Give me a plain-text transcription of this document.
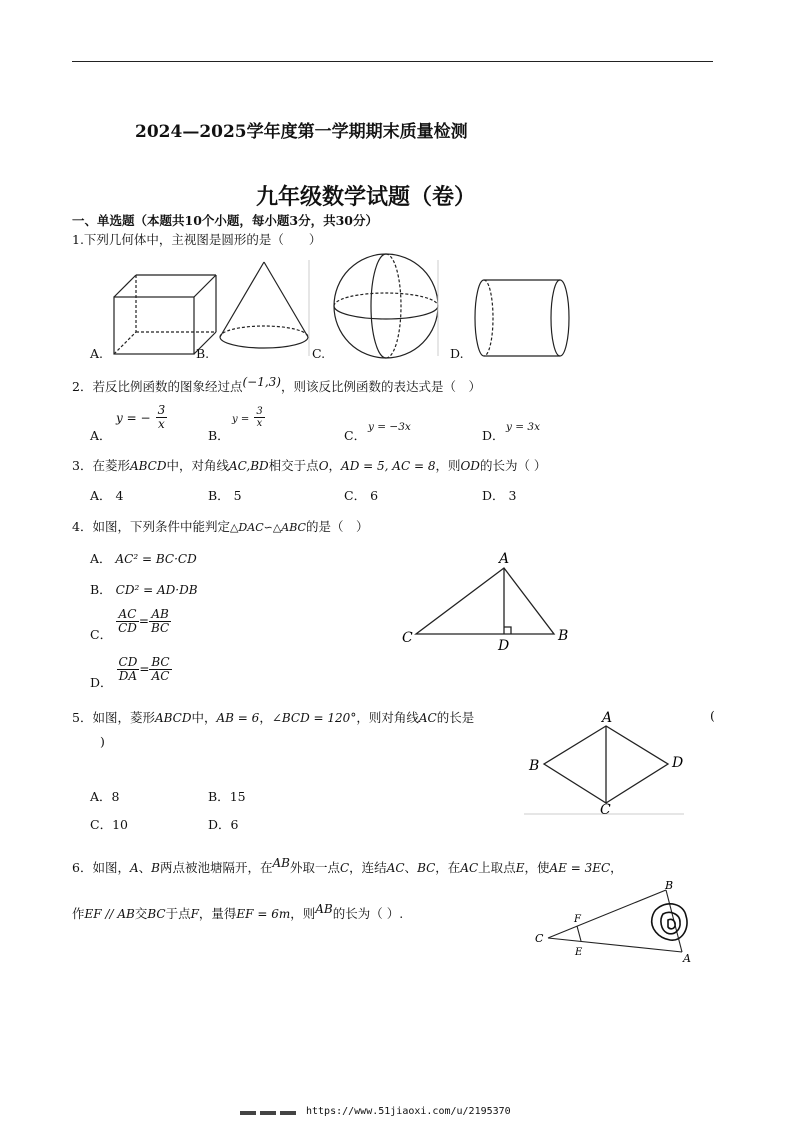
2024—2025学年度第一学期期末质量检测
九年级数学试题（卷）
一、单选题（本题共10个小题，每小题3分，共30分）
1.下列几何体中，主视图是圆形的是（　　）
A.	B.	C.	D.
2．若反比例函数的图象经过点$^{(-1,3)}$，则该反比例函数的表达式是（　）
A．
y = − $\frac{3}{x}$
B．
$y = \frac{3}{x}$
C．
y = −3x
D．
y = 3x
3．在菱形ABCD中，对角线AC,BD相交于点O，AD = 5, AC = 8，则OD的长为（ ）
A． 4	B． 5	C． 6	D． 3
4．如图，下列条件中能判定△DAC∽△ABC的是（　）
A． AC² = BC·CD
B． CD² = AD·DB
C． $\frac{AC}{CD} = \frac{AB}{BC}$
D． $\frac{CD}{DA} = \frac{BC}{AC}$
A
C	D
B
5．如图，菱形ABCD中，AB = 6，∠BCD = 120°，则对角线AC的长是	(
)
A
B
C
D
A．8	B．15
C．10	D．6
6．如图，A、B两点被池塘隔开，在$^{AB}$外取一点C，连结AC、BC，在AC上取点E，使AE = 3EC，
作EF // AB交BC于点F，量得EF = 6m，则$^{AB}$的长为（ ）.
C
F
E
B
A
https://www.51jiaoxi.com/u/2195370
